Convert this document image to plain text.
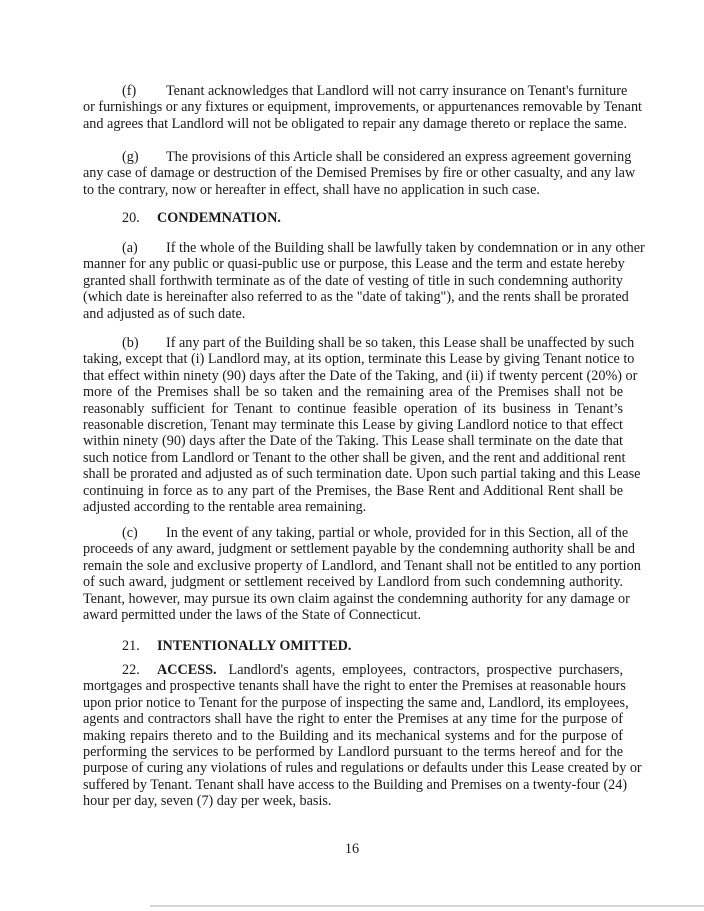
(f) Tenant acknowledges that Landlord will not carry insurance on Tenant's furniture
or furnishings or any fixtures or equipment, improvements, or appurtenances removable by Tenant
and agrees that Landlord will not be obligated to repair any damage thereto or replace the same.
(g) The provisions of this Article shall be considered an express agreement governing
any case of damage or destruction of the Demised Premises by fire or other casualty, and any law
to the contrary, now or hereafter in effect, shall have no application in such case.
20. CONDEMNATION.
(a) If the whole of the Building shall be lawfully taken by condemnation or in any other
manner for any public or quasi-public use or purpose, this Lease and the term and estate hereby
granted shall forthwith terminate as of the date of vesting of title in such condemning authority
(which date is hereinafter also referred to as the "date of taking"), and the rents shall be prorated
and adjusted as of such date.
(b) If any part of the Building shall be so taken, this Lease shall be unaffected by such
taking, except that (i) Landlord may, at its option, terminate this Lease by giving Tenant notice to
that effect within ninety (90) days after the Date of the Taking, and (ii) if twenty percent (20%) or
more of the Premises shall be so taken and the remaining area of the Premises shall not be
reasonably sufficient for Tenant to continue feasible operation of its business in Tenant’s
reasonable discretion, Tenant may terminate this Lease by giving Landlord notice to that effect
within ninety (90) days after the Date of the Taking. This Lease shall terminate on the date that
such notice from Landlord or Tenant to the other shall be given, and the rent and additional rent
shall be prorated and adjusted as of such termination date. Upon such partial taking and this Lease
continuing in force as to any part of the Premises, the Base Rent and Additional Rent shall be
adjusted according to the rentable area remaining.
(c) In the event of any taking, partial or whole, provided for in this Section, all of the
proceeds of any award, judgment or settlement payable by the condemning authority shall be and
remain the sole and exclusive property of Landlord, and Tenant shall not be entitled to any portion
of such award, judgment or settlement received by Landlord from such condemning authority.
Tenant, however, may pursue its own claim against the condemning authority for any damage or
award permitted under the laws of the State of Connecticut.
21. INTENTIONALLY OMITTED.
22.	ACCESS. Landlord's agents, employees, contractors, prospective purchasers,
mortgages and prospective tenants shall have the right to enter the Premises at reasonable hours
upon prior notice to Tenant for the purpose of inspecting the same and, Landlord, its employees,
agents and contractors shall have the right to enter the Premises at any time for the purpose of
making repairs thereto and to the Building and its mechanical systems and for the purpose of
performing the services to be performed by Landlord pursuant to the terms hereof and for the
purpose of curing any violations of rules and regulations or defaults under this Lease created by or
suffered by Tenant. Tenant shall have access to the Building and Premises on a twenty-four (24)
hour per day, seven (7) day per week, basis.
16
